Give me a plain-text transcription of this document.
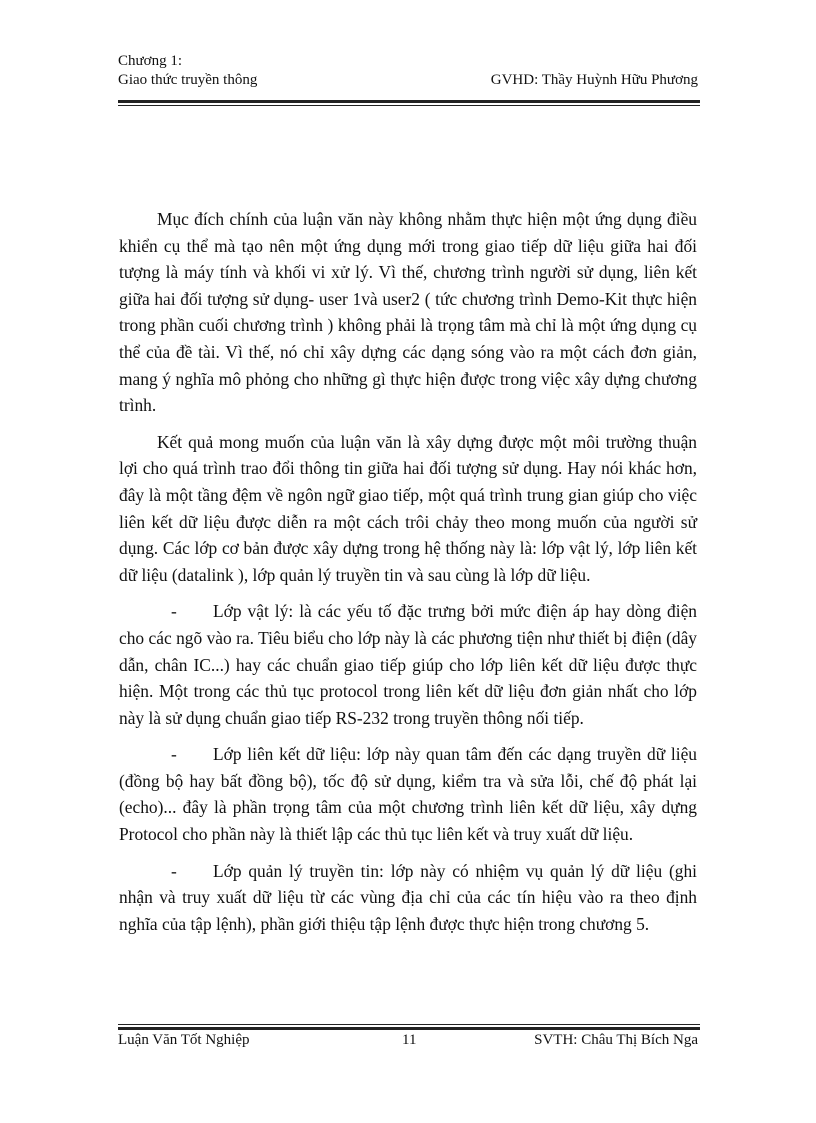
Chương 1:
Giao thức truyền thông	GVHD: Thầy Huỳnh Hữu Phương

Mục đích chính của luận văn này không nhằm thực hiện một ứng dụng điều khiển cụ thể mà tạo nên một ứng dụng mới trong giao tiếp dữ liệu giữa hai đối tượng là máy tính và khối vi xử lý. Vì thế, chương trình người sử dụng, liên kết giữa hai đối tượng sử dụng- user 1và user2 ( tức chương trình Demo-Kit thực hiện trong phần cuối chương trình ) không phải là trọng tâm mà chỉ là một ứng dụng cụ thể của đề tài. Vì thế, nó chỉ xây dựng các dạng sóng vào ra một cách đơn giản, mang ý nghĩa mô phỏng cho những gì thực hiện được trong việc xây dựng chương trình.

Kết quả mong muốn của luận văn là xây dựng được một môi trường thuận lợi cho quá trình trao đổi thông tin giữa hai đối tượng sử dụng. Hay nói khác hơn, đây là một tầng đệm về ngôn ngữ giao tiếp, một quá trình trung gian giúp cho việc liên kết dữ liệu được diễn ra một cách trôi chảy theo mong muốn của người sử dụng. Các lớp cơ bản được xây dựng trong hệ thống này là: lớp vật lý, lớp liên kết dữ liệu (datalink ), lớp quản lý truyền tin và sau cùng là lớp dữ liệu.

- Lớp vật lý: là các yếu tố đặc trưng bởi mức điện áp hay dòng điện cho các ngõ vào ra. Tiêu biểu cho lớp này là các phương tiện như thiết bị điện (dây dẫn, chân IC...) hay các chuẩn giao tiếp giúp cho lớp liên kết dữ liệu được thực hiện. Một trong các thủ tục protocol trong liên kết dữ liệu đơn giản nhất cho lớp này là sử dụng chuẩn giao tiếp RS-232 trong truyền thông nối tiếp.

- Lớp liên kết dữ liệu: lớp này quan tâm đến các dạng truyền dữ liệu (đồng bộ hay bất đồng bộ), tốc độ sử dụng, kiểm tra và sửa lỗi, chế độ phát lại (echo)... đây là phần trọng tâm của một chương trình liên kết dữ liệu, xây dựng Protocol cho phần này là thiết lập các thủ tục liên kết và truy xuất dữ liệu.

- Lớp quản lý truyền tin: lớp này có nhiệm vụ quản lý dữ liệu (ghi nhận và truy xuất dữ liệu từ các vùng địa chỉ của các tín hiệu vào ra theo định nghĩa của tập lệnh), phần giới thiệu tập lệnh được thực hiện trong chương 5.

Luận Văn Tốt Nghiệp	11	SVTH: Châu Thị Bích Nga
